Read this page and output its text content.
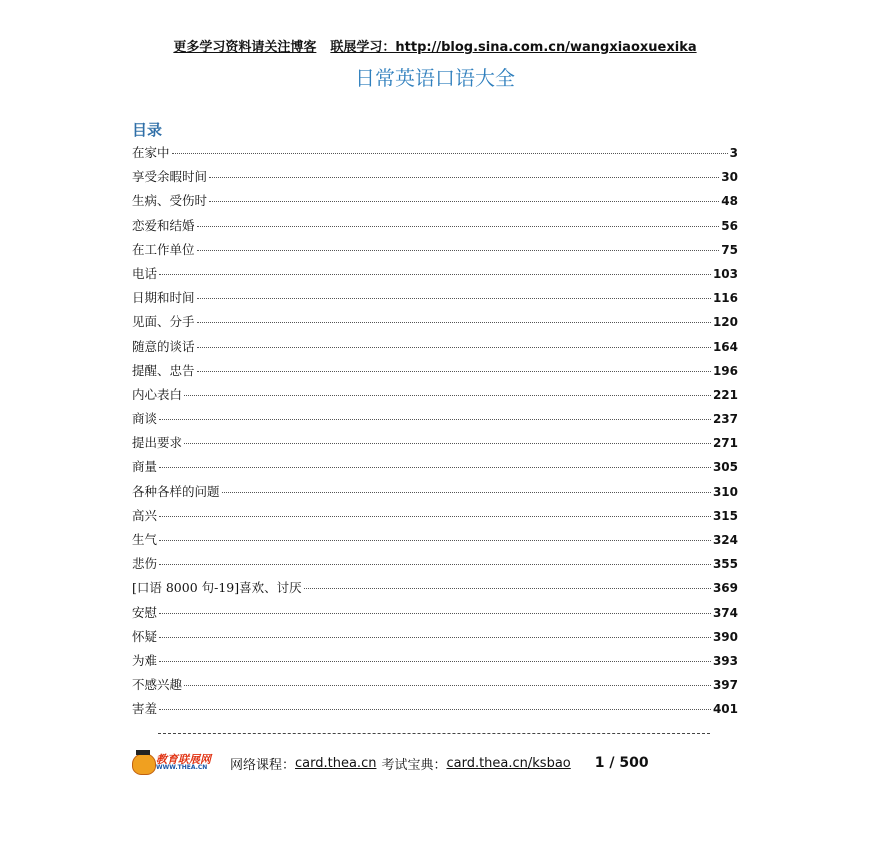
更多学习资料请关注博客 联展学习：http://blog.sina.com.cn/wangxiaoxuexika
日常英语口语大全
目录
在家中	3
享受余暇时间	30
生病、受伤时	48
恋爱和结婚	56
在工作单位	75
电话	103
日期和时间	116
见面、分手	120
随意的谈话	164
提醒、忠告	196
内心表白	221
商谈	237
提出要求	271
商量	305
各种各样的问题	310
高兴	315
生气	324
悲伤	355
[口语 8000 句-19]喜欢、讨厌	369
安慰	374
怀疑	390
为难	393
不感兴趣	397
害羞	401
教育联展网
WWW.THEA.CN 网络课程： card.thea.cn 考试宝典： card.thea.cn/ksbao 1 / 500
